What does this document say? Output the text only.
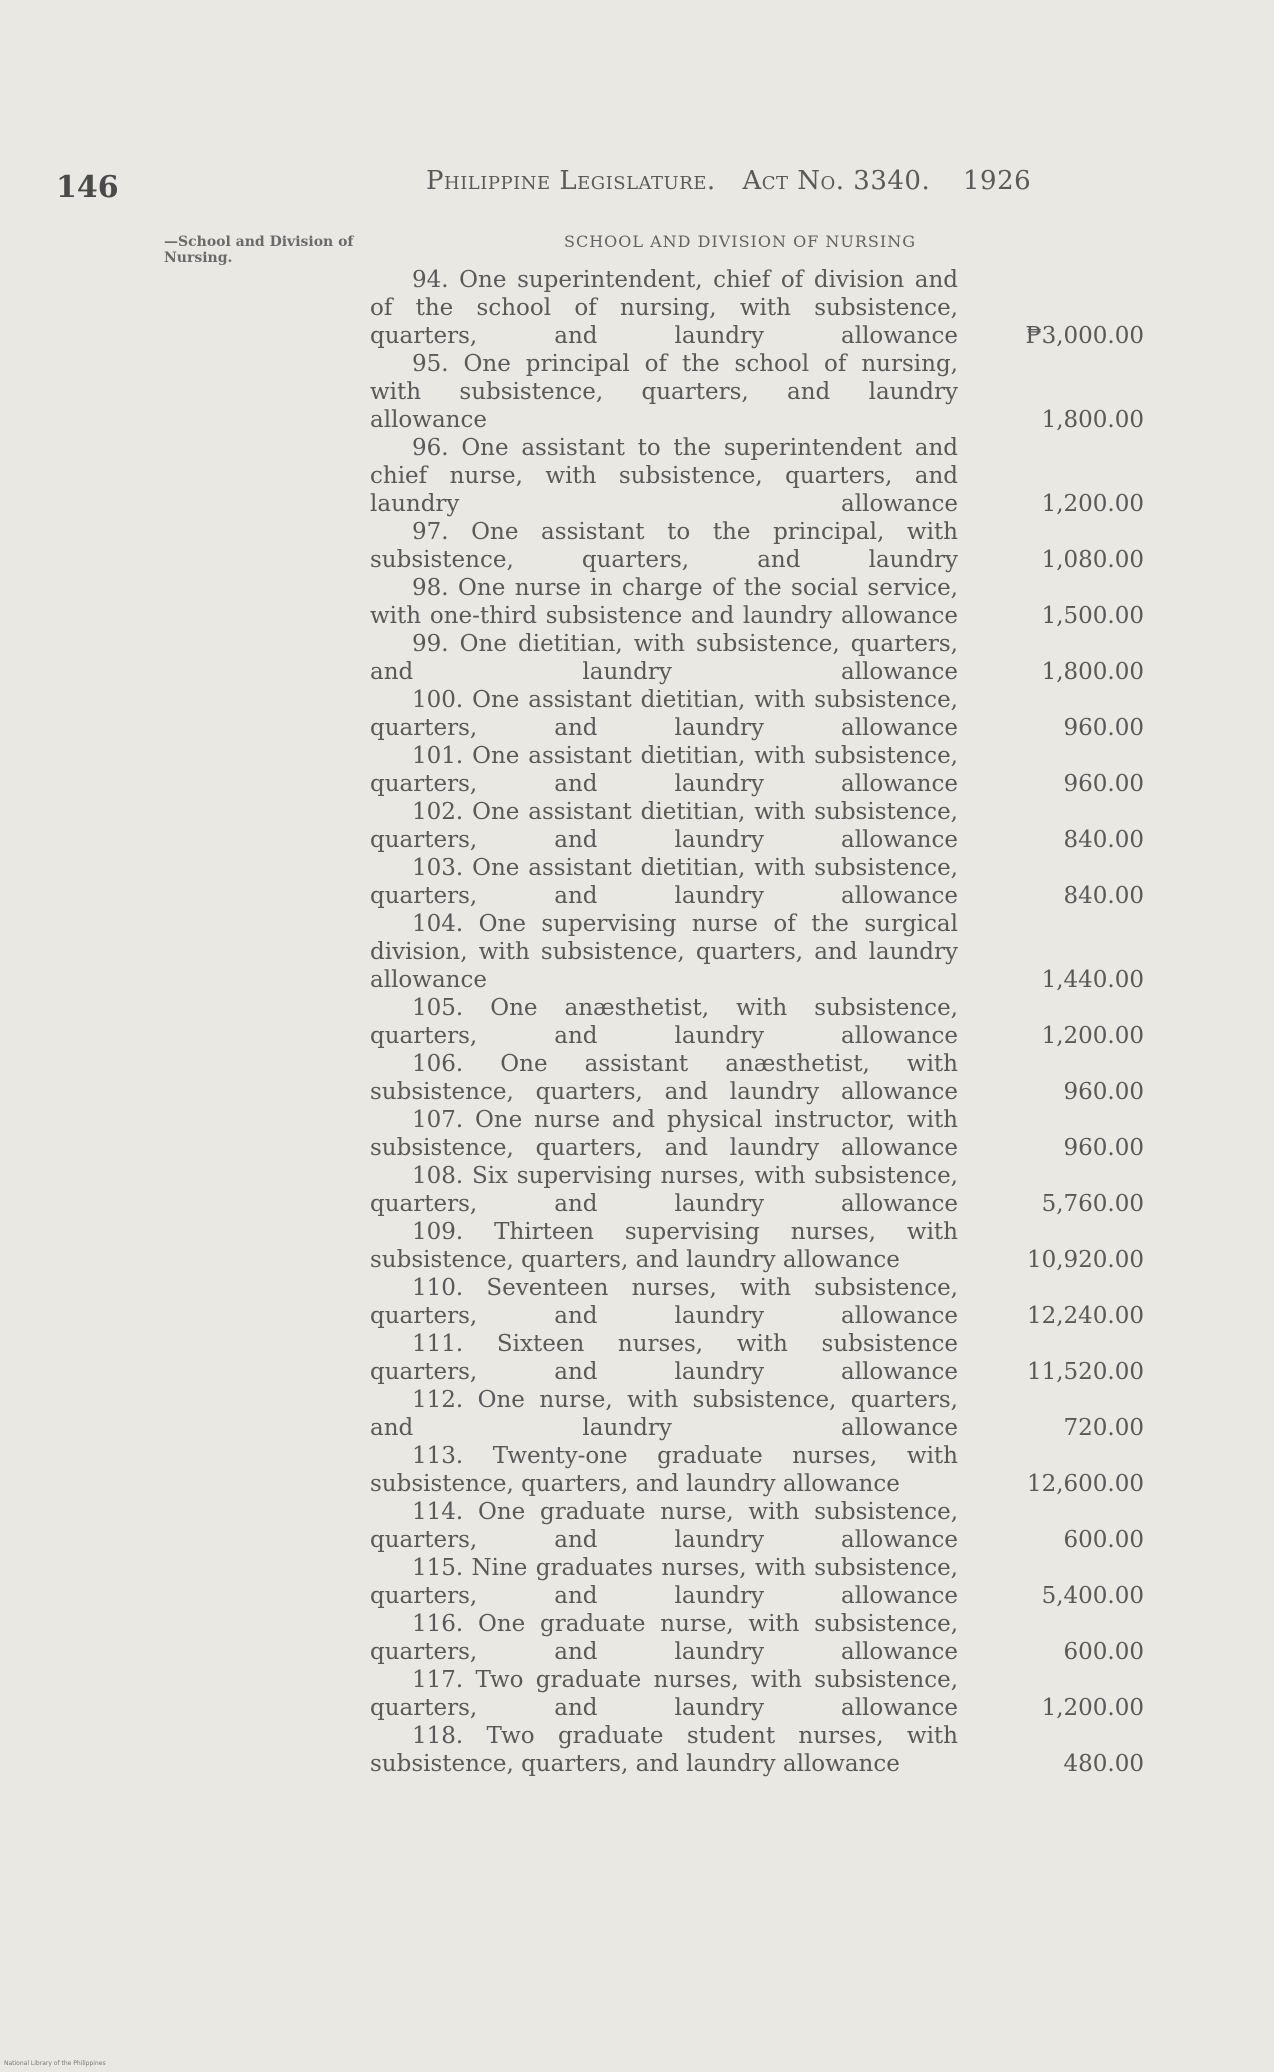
146	Philippine Legislature. Act No. 3340. 1926
—School and Division of Nursing.
SCHOOL AND DIVISION OF NURSING
94. One superintendent, chief of division and of the school of nursing, with subsistence, quarters, and laundry allowance .....	₱3,000.00
95. One principal of the school of nursing, with subsistence, quarters, and laundry allowance .....	1,800.00
96. One assistant to the superintendent and chief nurse, with subsistence, quarters, and laundry allowance .....	1,200.00
97. One assistant to the principal, with subsistence, quarters, and laundry .....	1,080.00
98. One nurse in charge of the social service, with one-third subsistence and laundry allowance .....	1,500.00
99. One dietitian, with subsistence, quarters, and laundry allowance .....	1,800.00
100. One assistant dietitian, with subsistence, quarters, and laundry allowance .....	960.00
101. One assistant dietitian, with subsistence, quarters, and laundry allowance .....	960.00
102. One assistant dietitian, with subsistence, quarters, and laundry allowance .....	840.00
103. One assistant dietitian, with subsistence, quarters, and laundry allowance .....	840.00
104. One supervising nurse of the surgical division, with subsistence, quarters, and laundry allowance .....	1,440.00
105. One anæsthetist, with subsistence, quarters, and laundry allowance .....	1,200.00
106. One assistant anæsthetist, with subsistence, quarters, and laundry allowance .....	960.00
107. One nurse and physical instructor, with subsistence, quarters, and laundry allowance .....	960.00
108. Six supervising nurses, with subsistence, quarters, and laundry allowance .....	5,760.00
109. Thirteen supervising nurses, with subsistence, quarters, and laundry allowance	10,920.00
110. Seventeen nurses, with subsistence, quarters, and laundry allowance .....	12,240.00
111. Sixteen nurses, with subsistence quarters, and laundry allowance .....	11,520.00
112. One nurse, with subsistence, quarters, and laundry allowance .....	720.00
113. Twenty-one graduate nurses, with subsistence, quarters, and laundry allowance	12,600.00
114. One graduate nurse, with subsistence, quarters, and laundry allowance .....	600.00
115. Nine graduates nurses, with subsistence, quarters, and laundry allowance .....	5,400.00
116. One graduate nurse, with subsistence, quarters, and laundry allowance .....	600.00
117. Two graduate nurses, with subsistence, quarters, and laundry allowance .....	1,200.00
118. Two graduate student nurses, with subsistence, quarters, and laundry allowance	480.00
National Library of the Philippines
